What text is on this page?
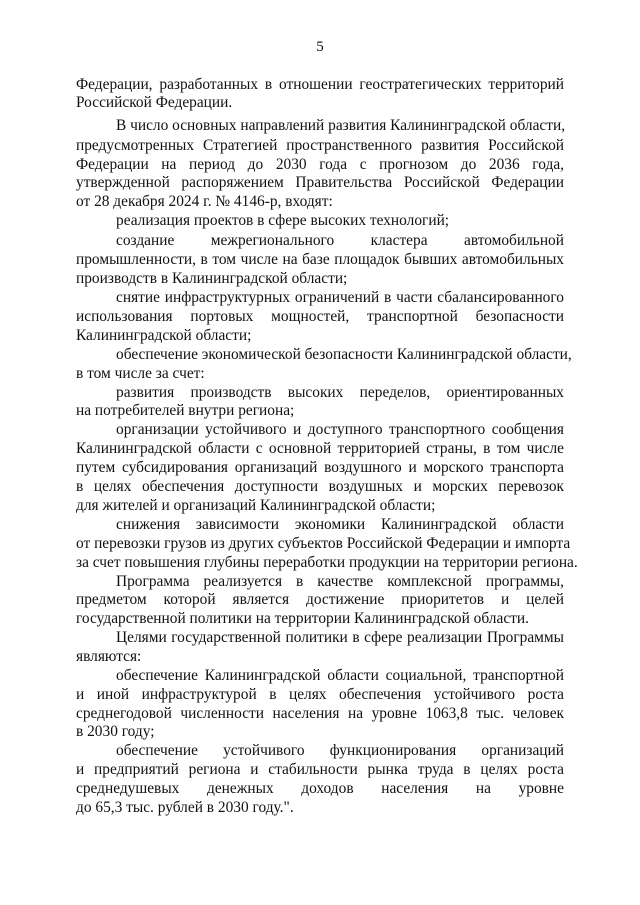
5
Федерации, разработанных в отношении геостратегических территорий
Российской Федерации.
В число основных направлений развития Калининградской области,
предусмотренных Стратегией пространственного развития Российской
Федерации на период до 2030 года с прогнозом до 2036 года,
утвержденной распоряжением Правительства Российской Федерации
от 28 декабря 2024 г. № 4146-р, входят:
реализация проектов в сфере высоких технологий;
создание межрегионального кластера автомобильной
промышленности, в том числе на базе площадок бывших автомобильных
производств в Калининградской области;
снятие инфраструктурных ограничений в части сбалансированного
использования портовых мощностей, транспортной безопасности
Калининградской области;
обеспечение экономической безопасности Калининградской области,
в том числе за счет:
развития производств высоких переделов, ориентированных
на потребителей внутри региона;
организации устойчивого и доступного транспортного сообщения
Калининградской области с основной территорией страны, в том числе
путем субсидирования организаций воздушного и морского транспорта
в целях обеспечения доступности воздушных и морских перевозок
для жителей и организаций Калининградской области;
снижения зависимости экономики Калининградской области
от перевозки грузов из других субъектов Российской Федерации и импорта
за счет повышения глубины переработки продукции на территории региона.
Программа реализуется в качестве комплексной программы,
предметом которой является достижение приоритетов и целей
государственной политики на территории Калининградской области.
Целями государственной политики в сфере реализации Программы
являются:
обеспечение Калининградской области социальной, транспортной
и иной инфраструктурой в целях обеспечения устойчивого роста
среднегодовой численности населения на уровне 1063,8 тыс. человек
в 2030 году;
обеспечение устойчивого функционирования организаций
и предприятий региона и стабильности рынка труда в целях роста
среднедушевых денежных доходов населения на уровне
до 65,3 тыс. рублей в 2030 году.".
